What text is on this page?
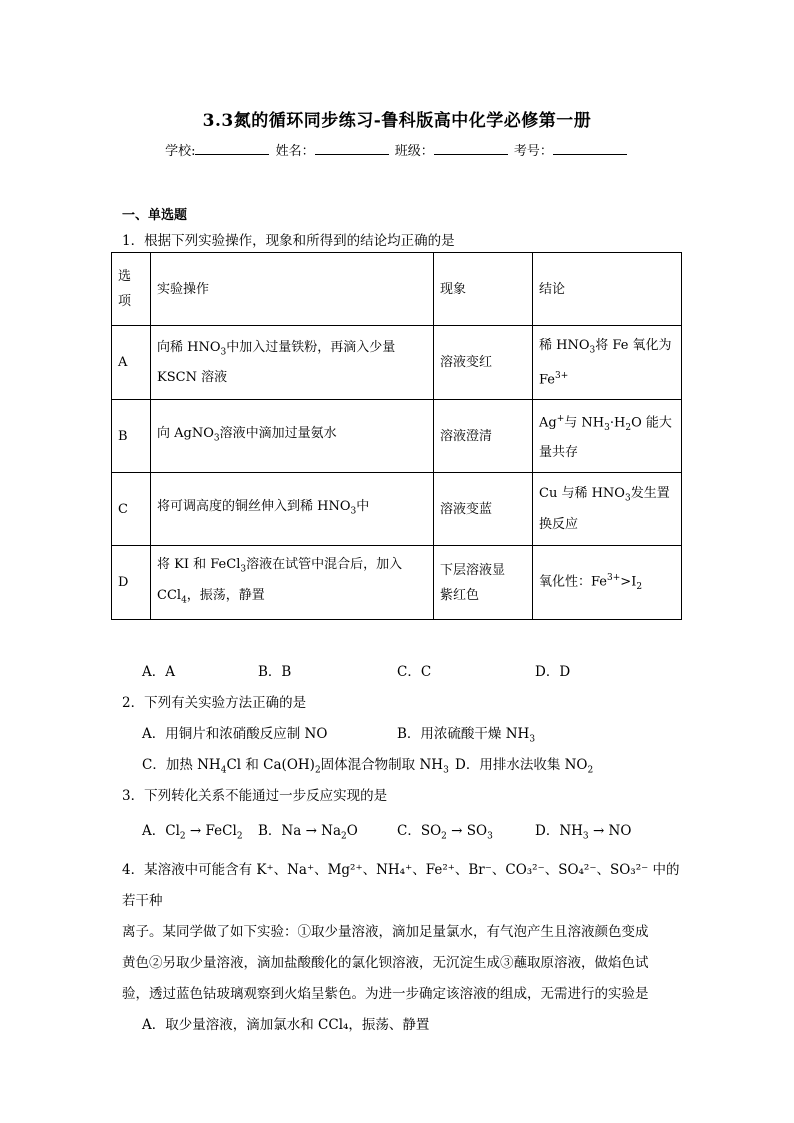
3.3氮的循环同步练习-鲁科版高中化学必修第一册
学校:	姓名：	班级：	考号：
一、单选题
1．根据下列实验操作，现象和所得到的结论均正确的是
选
项	实验操作	现象	结论
A	向稀 $HNO_3$中加入过量铁粉，再滴入少量
KSCN 溶液	溶液变红	稀 $HNO_3$将 Fe 氧化为
$Fe^{3+}$
B	向 AgNO$_3$溶液中滴加过量氨水	溶液澄清	Ag+与 $NH_3\cdot H_2O$ 能大
量共存
C	将可调高度的铜丝伸入到稀 $HNO_3$中	溶液变蓝	Cu 与稀 $HNO_3$发生置
换反应
D	将 KI 和 FeCl$_3$溶液在试管中混合后，加入
CCl$_4$，振荡，静置	下层溶液显
紫红色	氧化性：$Fe^{3+}>I_2$
A．A	B．B	C．C	D．D
2．下列有关实验方法正确的是
A．用铜片和浓硝酸反应制 NO	B．用浓硫酸干燥 $NH_3$
C．加热 $NH_4Cl$ 和 $Ca(OH)_2$固体混合物制取 $NH_3$ D．用排水法收集 $NO_2$
3．下列转化关系不能通过一步反应实现的是
A．$Cl_2$ → FeCl$_2$ B．$Na \to Na_2O$	C．$SO_2 \to SO_3$	D．$NH_3$ → NO
4．某溶液中可能含有 K⁺、Na⁺、Mg²⁺、NH₄⁺、Fe²⁺、Br⁻、CO₃²⁻、SO₄²⁻、SO₃²⁻ 中的若干种
离子。某同学做了如下实验：①取少量溶液，滴加足量氯水，有气泡产生且溶液颜色变成
黄色②另取少量溶液，滴加盐酸酸化的氯化钡溶液，无沉淀生成③蘸取原溶液，做焰色试
验，透过蓝色钴玻璃观察到火焰呈紫色。为进一步确定该溶液的组成，无需进行的实验是
A．取少量溶液，滴加氯水和 CCl₄，振荡、静置
